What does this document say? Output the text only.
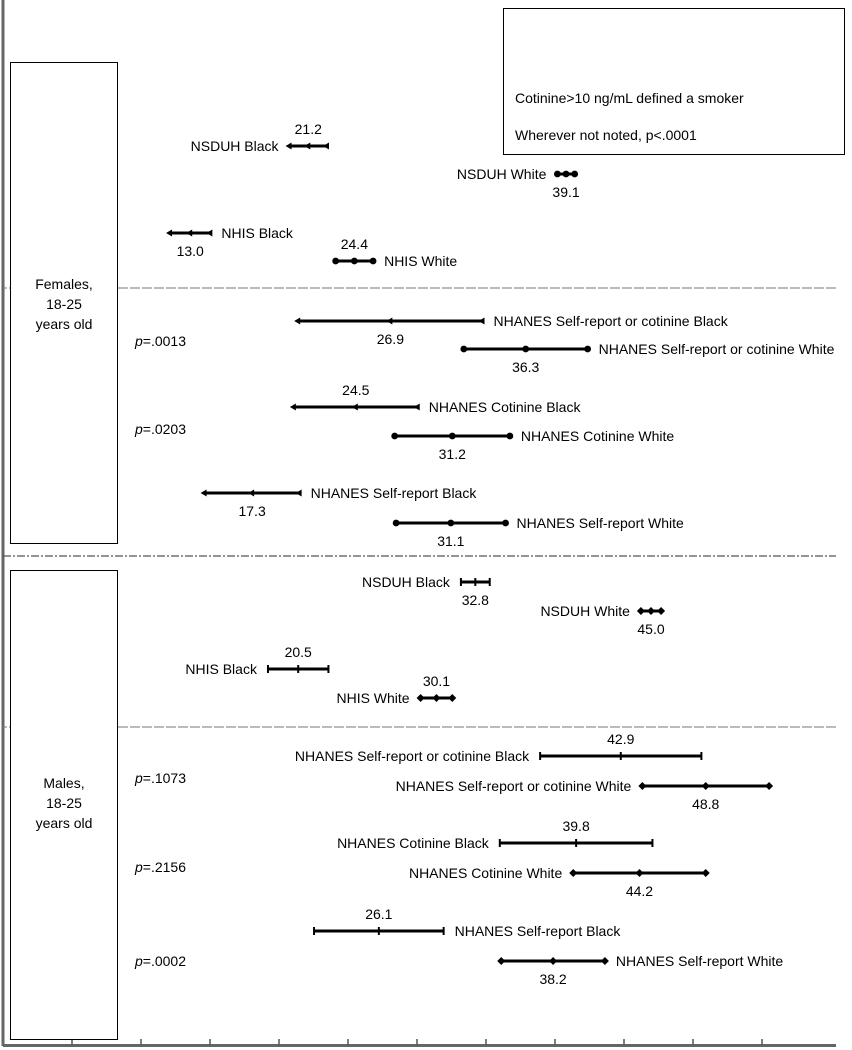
NSDUH Black
21.2
NSDUH White
39.1
NHIS Black
13.0
NHIS White
24.4
NHANES Self-report or cotinine Black
26.9
p=.0013	NHANES Self-report or cotinine White
36.3
NHANES Cotinine Black
24.5
p=.0203	NHANES Cotinine White
31.2
NHANES Self-report Black
17.3
NHANES Self-report White
31.1
NSDUH Black
32.8
NSDUH White
45.0
NHIS Black
20.5
NHIS White
30.1
NHANES Self-report or cotinine Black
42.9
p=.1073	NHANES Self-report or cotinine White
48.8
NHANES Cotinine Black
39.8
p=.2156	NHANES Cotinine White
44.2
NHANES Self-report Black
26.1
p=.0002	NHANES Self-report White
38.2
Cotinine>10 ng/mL defined a smoker
Wherever not noted, p<.0001
Females,
18-25
years old
Males,
18-25
years old
